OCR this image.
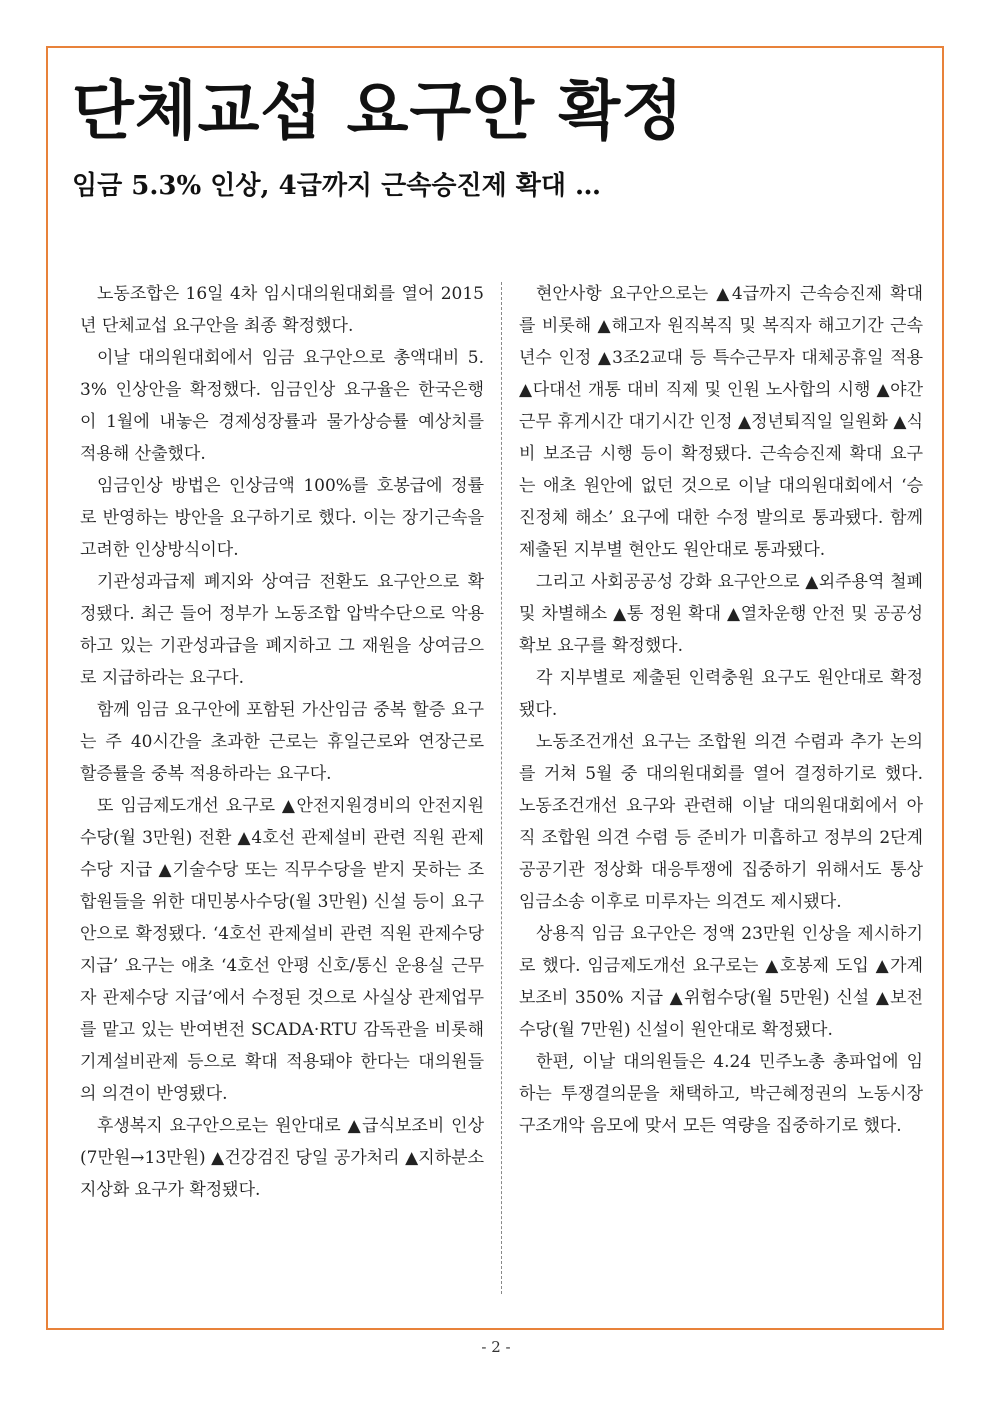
단체교섭 요구안 확정
임금 5.3% 인상, 4급까지 근속승진제 확대 …

노동조합은 16일 4차 임시대의원대회를 열어 2015년 단체교섭 요구안을 최종 확정했다.

이날 대의원대회에서 임금 요구안으로 총액대비 5.3% 인상안을 확정했다. 임금인상 요구율은 한국은행이 1월에 내놓은 경제성장률과 물가상승률 예상치를 적용해 산출했다.

임금인상 방법은 인상금액 100%를 호봉급에 정률로 반영하는 방안을 요구하기로 했다. 이는 장기근속을 고려한 인상방식이다.

기관성과급제 폐지와 상여금 전환도 요구안으로 확정됐다. 최근 들어 정부가 노동조합 압박수단으로 악용하고 있는 기관성과급을 폐지하고 그 재원을 상여금으로 지급하라는 요구다.

함께 임금 요구안에 포함된 가산임금 중복 할증 요구는 주 40시간을 초과한 근로는 휴일근로와 연장근로 할증률을 중복 적용하라는 요구다.

또 임금제도개선 요구로 ▲안전지원경비의 안전지원수당(월 3만원) 전환 ▲4호선 관제설비 관련 직원 관제수당 지급 ▲기술수당 또는 직무수당을 받지 못하는 조합원들을 위한 대민봉사수당(월 3만원) 신설 등이 요구안으로 확정됐다. ‘4호선 관제설비 관련 직원 관제수당 지급’ 요구는 애초 ‘4호선 안평 신호/통신 운용실 근무자 관제수당 지급’에서 수정된 것으로 사실상 관제업무를 맡고 있는 반여변전 SCADA·RTU 감독관을 비롯해 기계설비관제 등으로 확대 적용돼야 한다는 대의원들의 의견이 반영됐다.

후생복지 요구안으로는 원안대로 ▲급식보조비 인상(7만원→13만원) ▲건강검진 당일 공가처리 ▲지하분소 지상화 요구가 확정됐다.

현안사항 요구안으로는 ▲4급까지 근속승진제 확대를 비롯해 ▲해고자 원직복직 및 복직자 해고기간 근속년수 인정 ▲3조2교대 등 특수근무자 대체공휴일 적용 ▲다대선 개통 대비 직제 및 인원 노사합의 시행 ▲야간근무 휴게시간 대기시간 인정 ▲정년퇴직일 일원화 ▲식비 보조금 시행 등이 확정됐다. 근속승진제 확대 요구는 애초 원안에 없던 것으로 이날 대의원대회에서 ‘승진정체 해소’ 요구에 대한 수정 발의로 통과됐다. 함께 제출된 지부별 현안도 원안대로 통과됐다.

그리고 사회공공성 강화 요구안으로 ▲외주용역 철폐 및 차별해소 ▲통 정원 확대 ▲열차운행 안전 및 공공성 확보 요구를 확정했다.

각 지부별로 제출된 인력충원 요구도 원안대로 확정됐다.

노동조건개선 요구는 조합원 의견 수렴과 추가 논의를 거쳐 5월 중 대의원대회를 열어 결정하기로 했다. 노동조건개선 요구와 관련해 이날 대의원대회에서 아직 조합원 의견 수렴 등 준비가 미흡하고 정부의 2단계 공공기관 정상화 대응투쟁에 집중하기 위해서도 통상임금소송 이후로 미루자는 의견도 제시됐다.

상용직 임금 요구안은 정액 23만원 인상을 제시하기로 했다. 임금제도개선 요구로는 ▲호봉제 도입 ▲가계보조비 350% 지급 ▲위험수당(월 5만원) 신설 ▲보전수당(월 7만원) 신설이 원안대로 확정됐다.

한편, 이날 대의원들은 4.24 민주노총 총파업에 임하는 투쟁결의문을 채택하고, 박근혜정권의 노동시장 구조개악 음모에 맞서 모든 역량을 집중하기로 했다.

- 2 -
